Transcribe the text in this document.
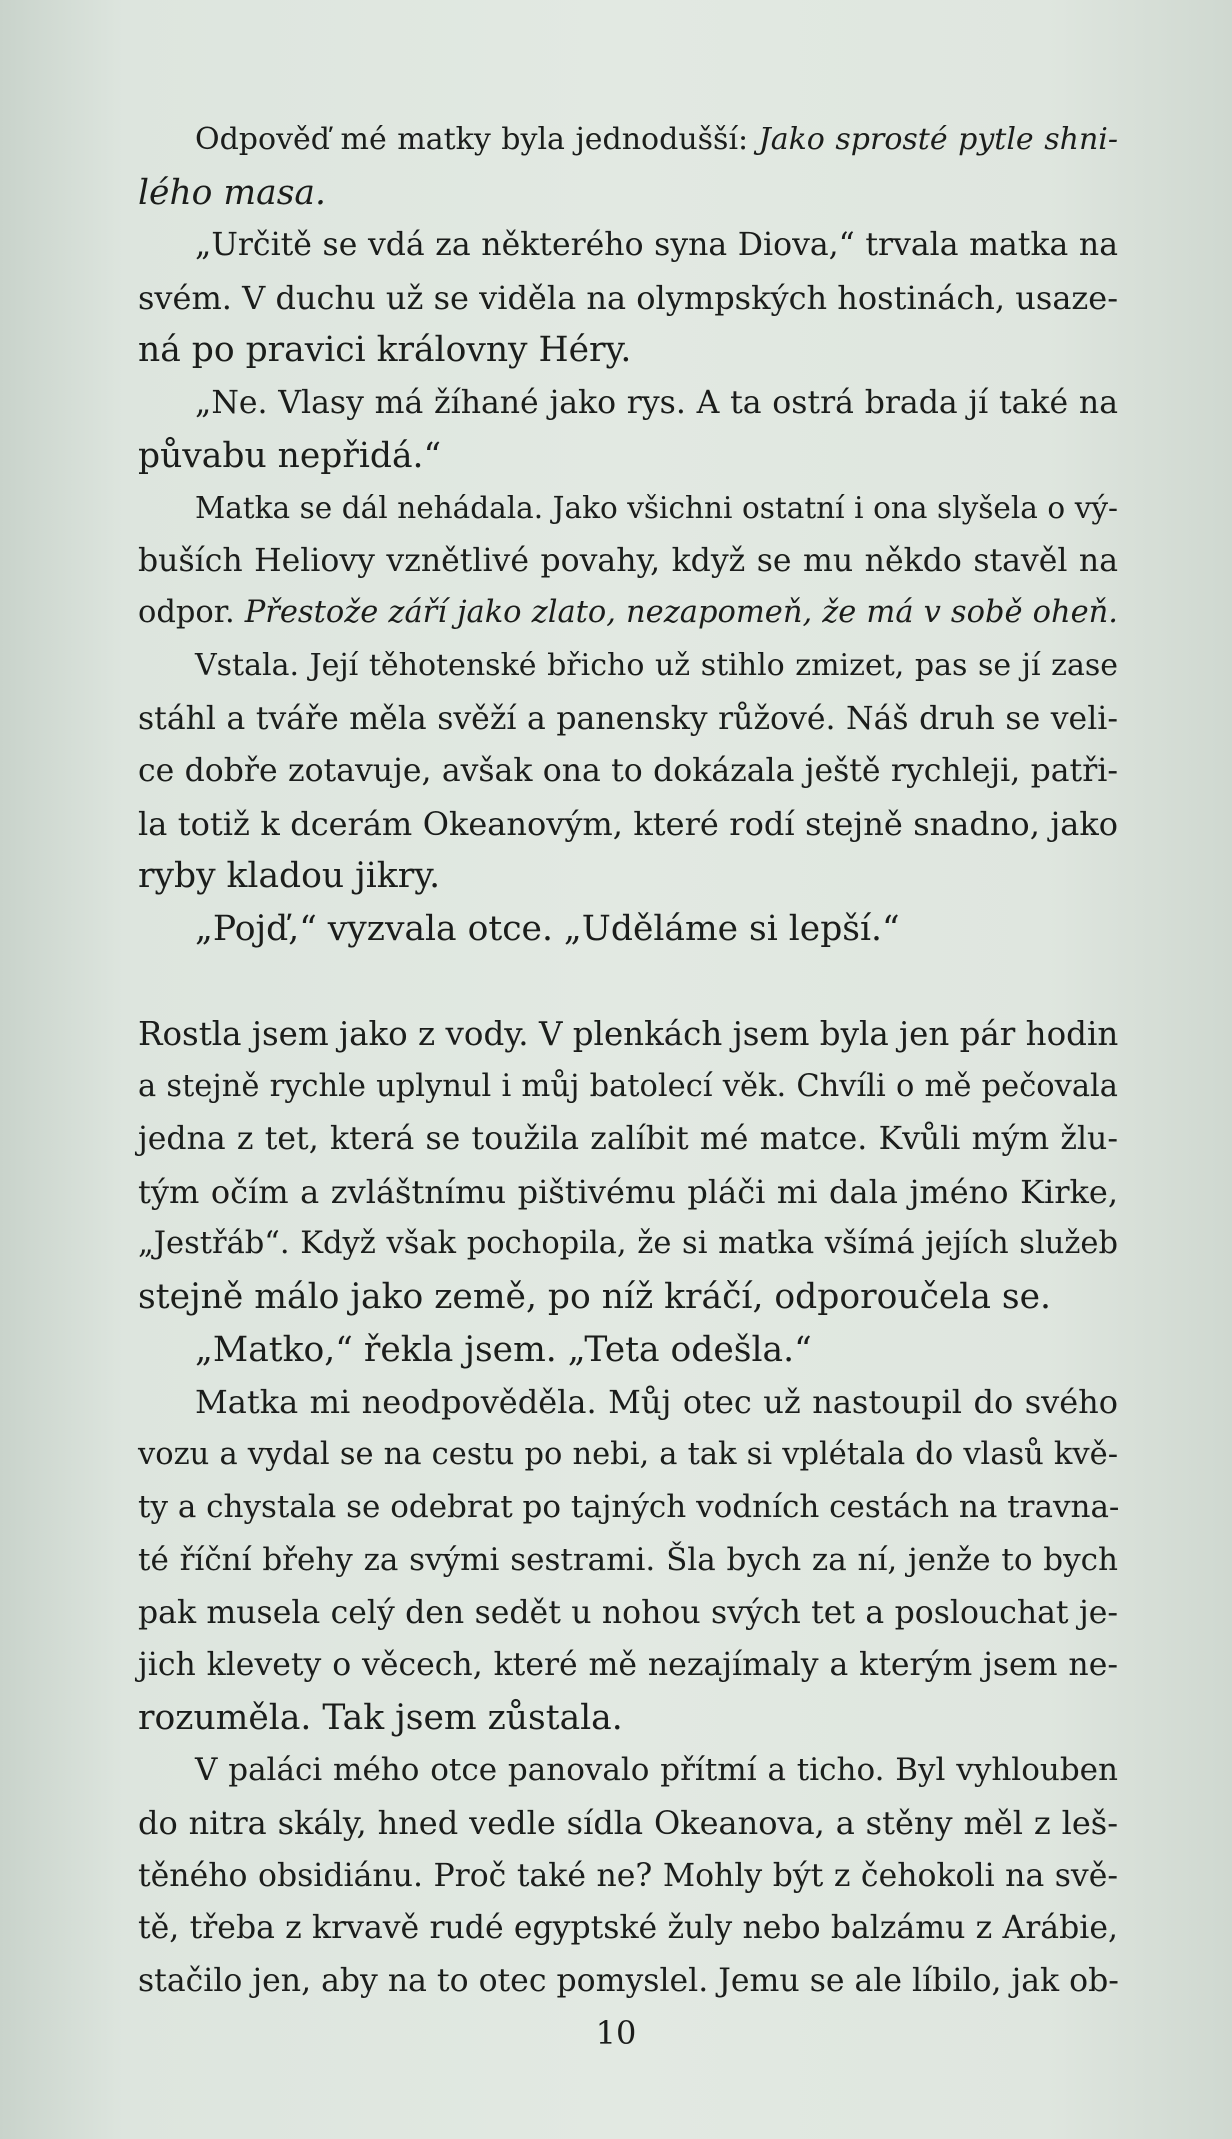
Odpověď mé matky byla jednodušší: Jako sprosté pytle shni-
lého masa.
„Určitě se vdá za některého syna Diova,“ trvala matka na
svém. V duchu už se viděla na olympských hostinách, usaze-
ná po pravici královny Héry.
„Ne. Vlasy má žíhané jako rys. A ta ostrá brada jí také na
půvabu nepřidá.“
Matka se dál nehádala. Jako všichni ostatní i ona slyšela o vý-
buších Heliovy vznětlivé povahy, když se mu někdo stavěl na
odpor. Přestože září jako zlato, nezapomeň, že má v sobě oheň.
Vstala. Její těhotenské břicho už stihlo zmizet, pas se jí zase
stáhl a tváře měla svěží a panensky růžové. Náš druh se veli-
ce dobře zotavuje, avšak ona to dokázala ještě rychleji, patři-
la totiž k dcerám Okeanovým, které rodí stejně snadno, jako
ryby kladou jikry.
„Pojď,“ vyzvala otce. „Uděláme si lepší.“
Rostla jsem jako z vody. V plenkách jsem byla jen pár hodin
a stejně rychle uplynul i můj batolecí věk. Chvíli o mě pečovala
jedna z tet, která se toužila zalíbit mé matce. Kvůli mým žlu-
tým očím a zvláštnímu pištivému pláči mi dala jméno Kirke,
„Jestřáb“. Když však pochopila, že si matka všímá jejích služeb
stejně málo jako země, po níž kráčí, odporoučela se.
„Matko,“ řekla jsem. „Teta odešla.“
Matka mi neodpověděla. Můj otec už nastoupil do svého
vozu a vydal se na cestu po nebi, a tak si vplétala do vlasů kvě-
ty a chystala se odebrat po tajných vodních cestách na travna-
té říční břehy za svými sestrami. Šla bych za ní, jenže to bych
pak musela celý den sedět u nohou svých tet a poslouchat je-
jich klevety o věcech, které mě nezajímaly a kterým jsem ne-
rozuměla. Tak jsem zůstala.
V paláci mého otce panovalo přítmí a ticho. Byl vyhlouben
do nitra skály, hned vedle sídla Okeanova, a stěny měl z leš-
těného obsidiánu. Proč také ne? Mohly být z čehokoli na svě-
tě, třeba z krvavě rudé egyptské žuly nebo balzámu z Arábie,
stačilo jen, aby na to otec pomyslel. Jemu se ale líbilo, jak ob-
10
